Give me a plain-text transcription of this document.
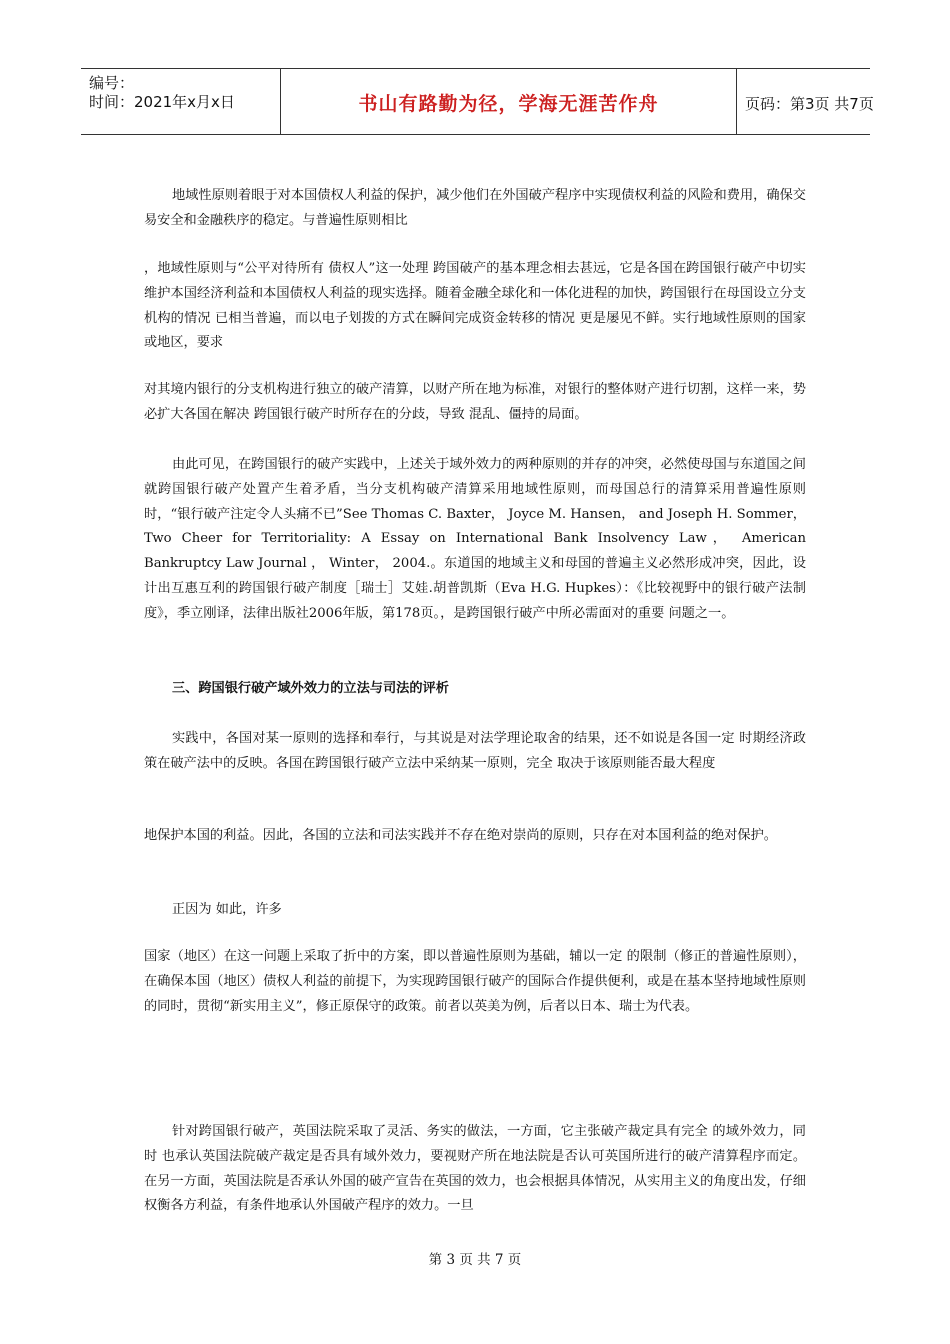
编号：
时间：2021年x月x日	书山有路勤为径，学海无涯苦作舟	页码：第3页 共7页

地域性原则着眼于对本国债权人利益的保护，减少他们在外国破产程序中实现债权利益的风险和费用，确保交易安全和金融秩序的稳定。与普遍性原则相比

，地域性原则与“公平对待所有 债权人”这一处理 跨国破产的基本理念相去甚远，它是各国在跨国银行破产中切实维护本国经济利益和本国债权人利益的现实选择。随着金融全球化和一体化进程的加快，跨国银行在母国设立分支机构的情况 已相当普遍，而以电子划拨的方式在瞬间完成资金转移的情况 更是屡见不鲜。实行地域性原则的国家或地区，要求

对其境内银行的分支机构进行独立的破产清算，以财产所在地为标准，对银行的整体财产进行切割，这样一来，势必扩大各国在解决 跨国银行破产时所存在的分歧，导致 混乱、僵持的局面。

由此可见，在跨国银行的破产实践中，上述关于域外效力的两种原则的并存的冲突，必然使母国与东道国之间就跨国银行破产处置产生着矛盾，当分支机构破产清算采用地域性原则，而母国总行的清算采用普遍性原则时，“银行破产注定令人头痛不已”See Thomas C. Baxter， Joyce M. Hansen， and Joseph H. Sommer，Two Cheer for Territoriality: A Essay on International Bank Insolvency Law， American Bankruptcy Law Journal ， Winter， 2004.。东道国的地域主义和母国的普遍主义必然形成冲突，因此，设计出互惠互利的跨国银行破产制度［瑞士］艾娃.胡普凯斯（Eva H.G. Hupkes）：《比较视野中的银行破产法制度》，季立刚译，法律出版社2006年版，第178页。，是跨国银行破产中所必需面对的重要 问题之一。

三、跨国银行破产域外效力的立法与司法的评析

实践中，各国对某一原则的选择和奉行，与其说是对法学理论取舍的结果，还不如说是各国一定 时期经济政策在破产法中的反映。各国在跨国银行破产立法中采纳某一原则，完全 取决于该原则能否最大程度

地保护本国的利益。因此，各国的立法和司法实践并不存在绝对崇尚的原则，只存在对本国利益的绝对保护。

正因为 如此，许多

国家（地区）在这一问题上采取了折中的方案，即以普遍性原则为基础，辅以一定 的限制（修正的普遍性原则），在确保本国（地区）债权人利益的前提下，为实现跨国银行破产的国际合作提供便利，或是在基本坚持地域性原则的同时，贯彻“新实用主义”，修正原保守的政策。前者以英美为例，后者以日本、瑞士为代表。

针对跨国银行破产，英国法院采取了灵活、务实的做法，一方面，它主张破产裁定具有完全 的域外效力，同时 也承认英国法院破产裁定是否具有域外效力，要视财产所在地法院是否认可英国所进行的破产清算程序而定。在另一方面，英国法院是否承认外国的破产宣告在英国的效力，也会根据具体情况，从实用主义的角度出发，仔细权衡各方利益，有条件地承认外国破产程序的效力。一旦

第 3 页 共 7 页
